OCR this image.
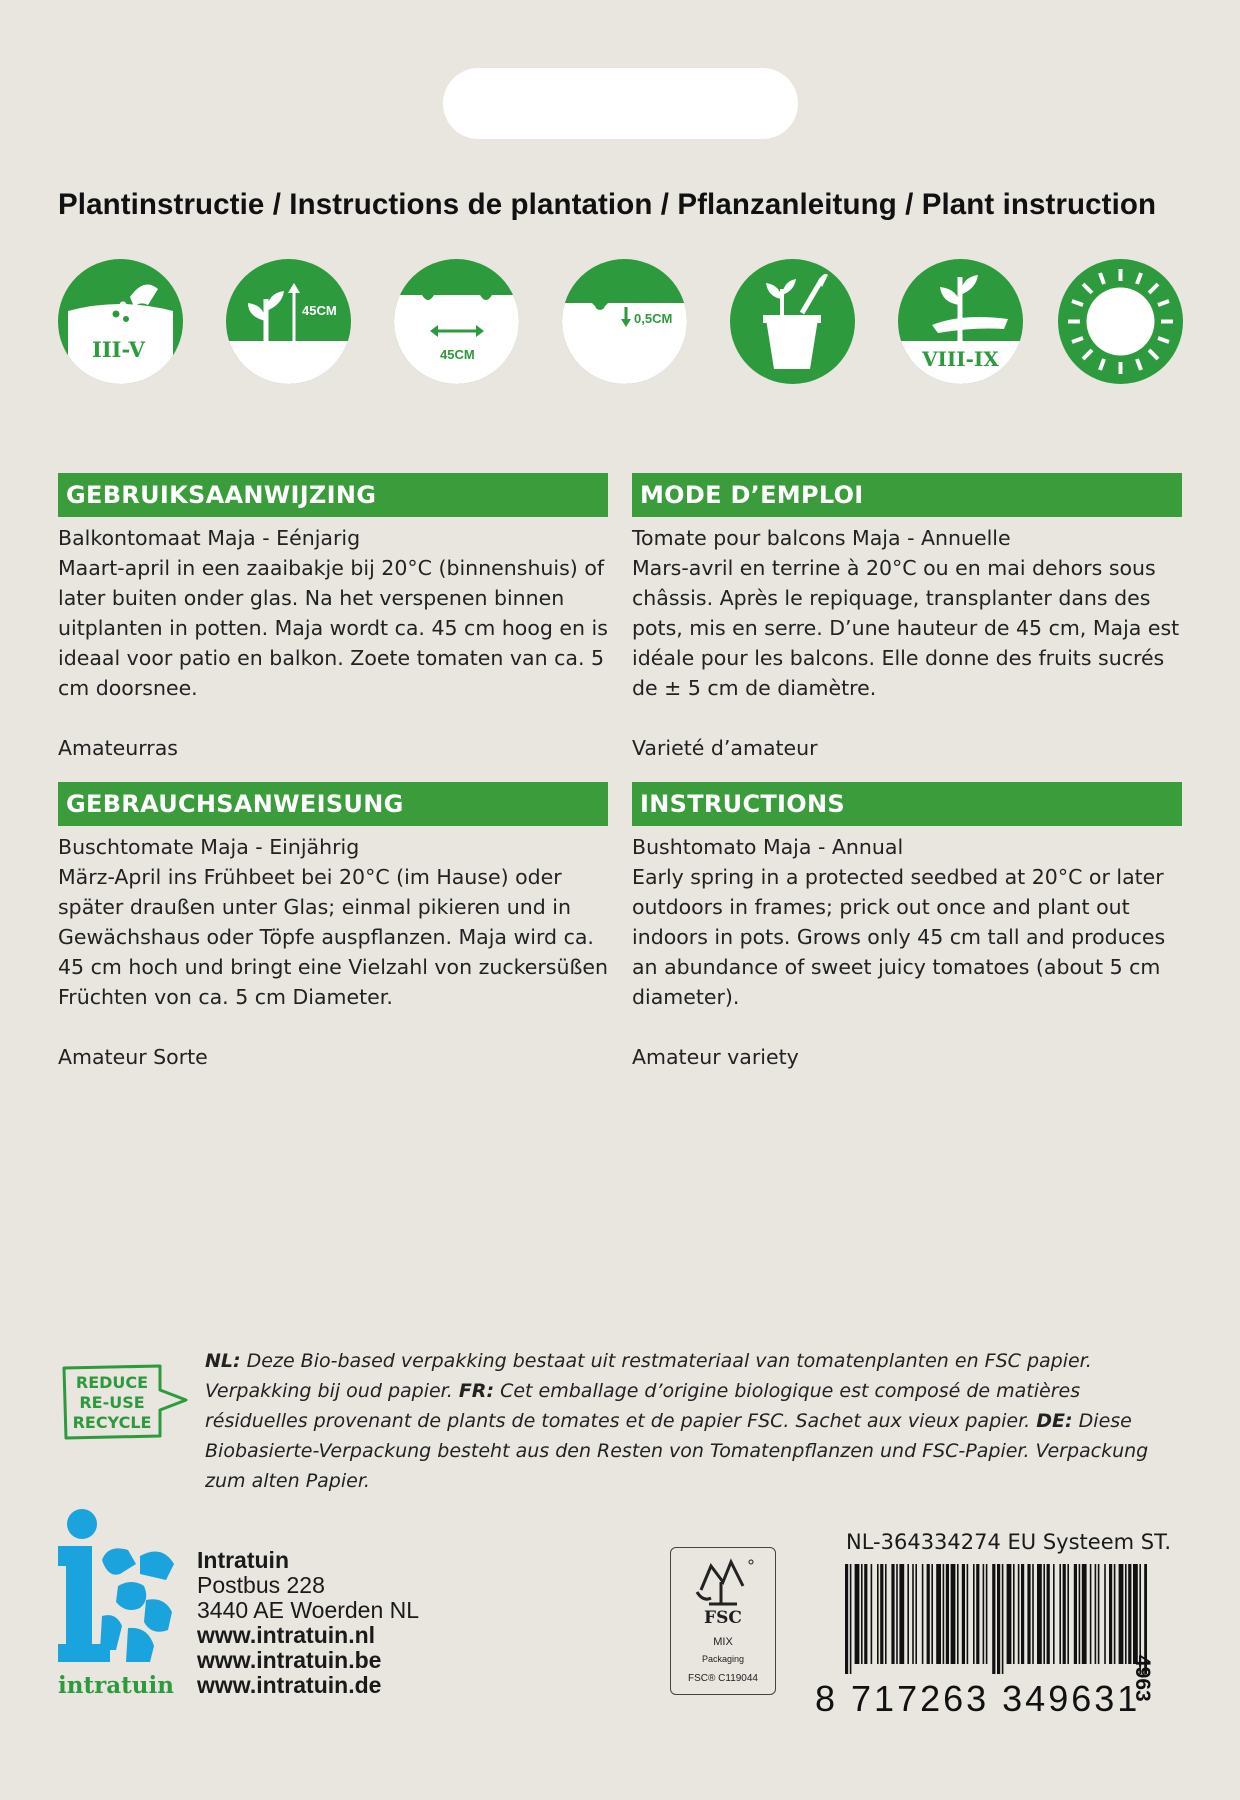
Plantinstructie / Instructions de plantation / Pflanzanleitung / Plant instruction
III-V
45CM
45CM
0,5CM
VIII-IX
GEBRUIKSAANWIJZING
Balkontomaat Maja - Eénjarig
Maart-april in een zaaibakje bij 20°C (binnenshuis) of later buiten onder glas. Na het verspenen binnen uitplanten in potten. Maja wordt ca. 45 cm hoog en is ideaal voor patio en balkon. Zoete tomaten van ca. 5 cm doorsnee.
Amateurras
MODE D’EMPLOI
Tomate pour balcons Maja - Annuelle
Mars-avril en terrine à 20°C ou en mai dehors sous châssis. Après le repiquage, transplanter dans des pots, mis en serre. D’une hauteur de 45 cm, Maja est idéale pour les balcons. Elle donne des fruits sucrés de ± 5 cm de diamètre.
Varieté d’amateur
GEBRAUCHSANWEISUNG
Buschtomate Maja - Einjährig
März-April ins Frühbeet bei 20°C (im Hause) oder später draußen unter Glas; einmal pikieren und in Gewächshaus oder Töpfe auspflanzen. Maja wird ca. 45 cm hoch und bringt eine Vielzahl von zuckersüßen Früchten von ca. 5 cm Diameter.
Amateur Sorte
INSTRUCTIONS
Bushtomato Maja - Annual
Early spring in a protected seedbed at 20°C or later outdoors in frames; prick out once and plant out indoors in pots. Grows only 45 cm tall and produces an abundance of sweet juicy tomatoes (about 5 cm diameter).
Amateur variety
REDUCE
RE-USE
RECYCLE
NL: Deze Bio-based verpakking bestaat uit restmateriaal van tomatenplanten en FSC papier. Verpakking bij oud papier. FR: Cet emballage d’origine biologique est composé de matières résiduelles provenant de plants de tomates et de papier FSC. Sachet aux vieux papier. DE: Diese Biobasierte-Verpackung besteht aus den Resten von Tomatenpflanzen und FSC-Papier. Verpackung zum alten Papier.
intratuin
Intratuin
Postbus 228
3440 AE Woerden NL
www.intratuin.nl
www.intratuin.be
www.intratuin.de
FSC
MIX
Packaging
FSC® C119044
NL-364334274 EU Systeem ST.
8 717263 349631
4963
